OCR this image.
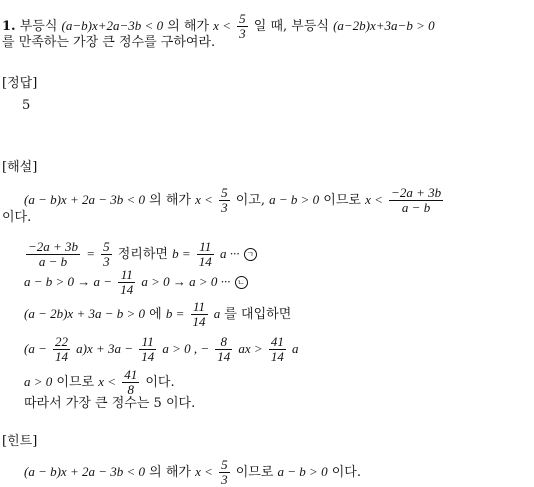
1. 부등식 (a−b)x+2a−3b < 0 의 해가 $x < \frac{5}{3}$ 일 때, 부등식 (a−2b)x+3a−b > 0
를 만족하는 가장 큰 정수를 구하여라.
[정답]
5
[해설]
(a − b)x + 2a − 3b < 0 의 해가 $x < \frac{5}{3}$ 이고, a − b > 0 이므로 $x < \frac{-2a + 3b}{a - b}$
이다.
$\frac{-2a + 3b}{a - b} = \frac{5}{3}$ 정리하면 $b = \frac{11}{14}$ a ··· ㄱ
$a - b > 0 \to a - \frac{11}{14}$ a > 0 → a > 0 ··· ㄴ
(a − 2b)x + 3a − b > 0 에 $b = \frac{11}{14}$ a 를 대입하면
$(a - \frac{22}{14} a)x + 3a - \frac{11}{14}$ a > 0 , − $\frac{8}{14}$ ax > $\frac{41}{14}$ a
a > 0 이므로 $x < \frac{41}{8}$ 이다.
따라서 가장 큰 정수는 5 이다.
[힌트]
(a − b)x + 2a − 3b < 0 의 해가 $x < \frac{5}{3}$ 이므로 a − b > 0 이다.
